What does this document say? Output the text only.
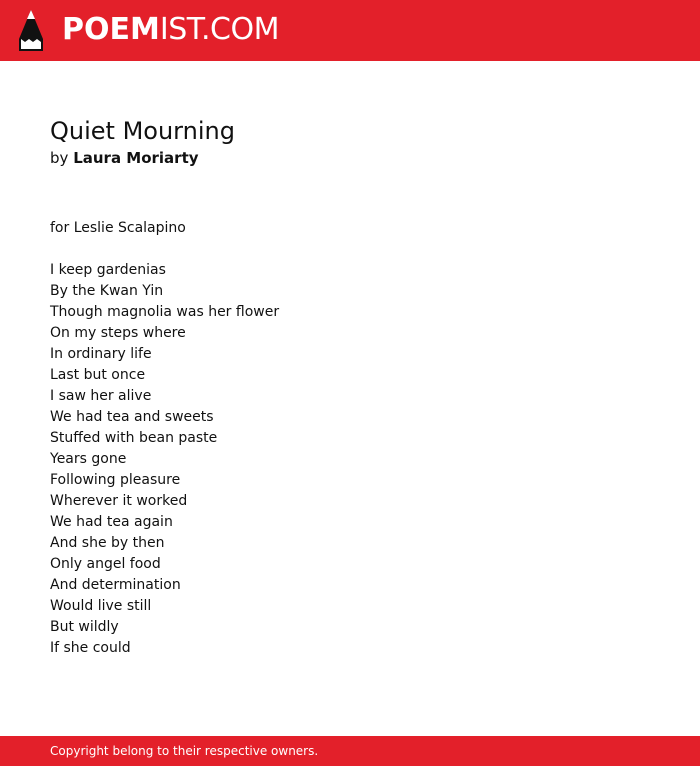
POEMIST.COM
Quiet Mourning
by Laura Moriarty
for Leslie Scalapino
I keep gardenias
By the Kwan Yin
Though magnolia was her flower
On my steps where
In ordinary life
Last but once
I saw her alive
We had tea and sweets
Stuffed with bean paste
Years gone
Following pleasure
Wherever it worked
We had tea again
And she by then
Only angel food
And determination
Would live still
But wildly
If she could
Copyright belong to their respective owners.
